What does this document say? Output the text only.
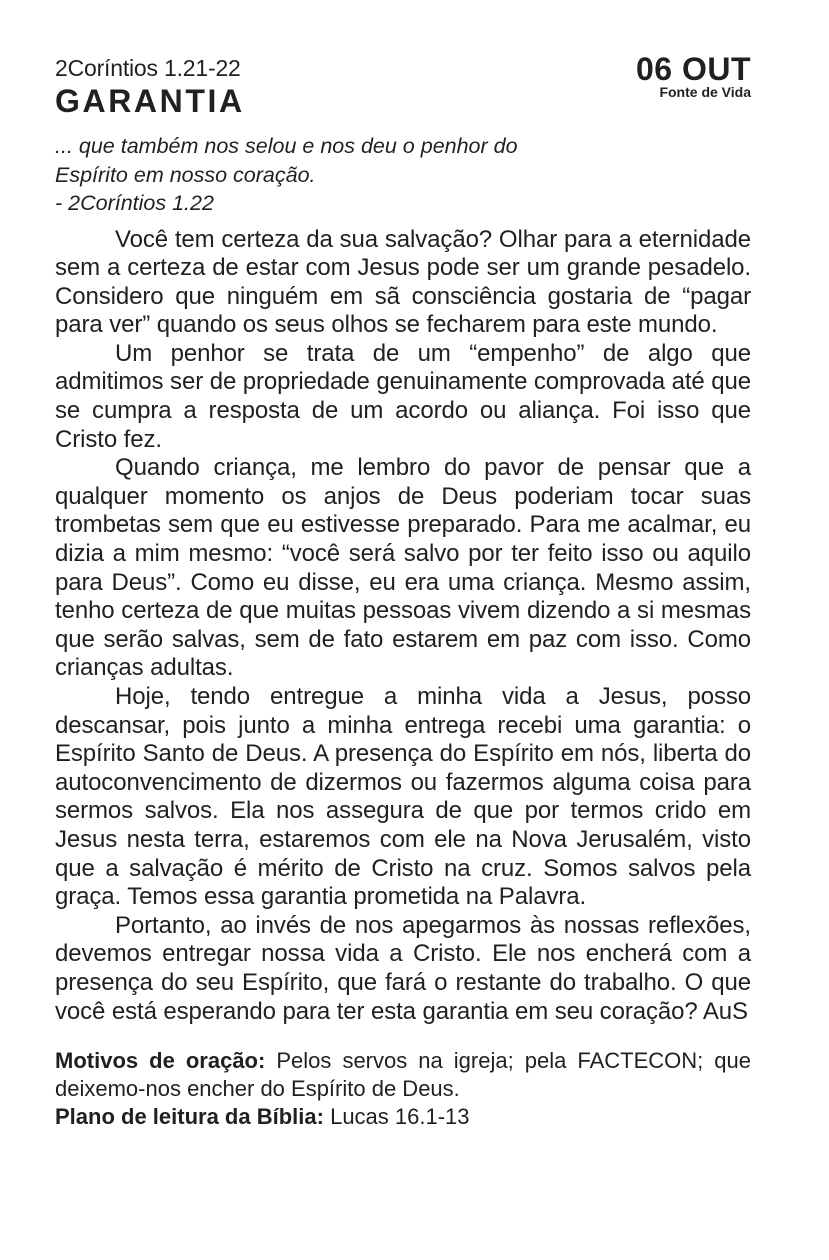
2Coríntios 1.21-22
GARANTIA
06 OUT
Fonte de Vida
... que também nos selou e nos deu o penhor do
Espírito em nosso coração.
- 2Coríntios 1.22

Você tem certeza da sua salvação? Olhar para a eternidade sem a certeza de estar com Jesus pode ser um grande pesadelo. Considero que ninguém em sã consciência gostaria de “pagar para ver” quando os seus olhos se fecharem para este mundo.

Um penhor se trata de um “empenho” de algo que admitimos ser de propriedade genuinamente comprovada até que se cumpra a resposta de um acordo ou aliança. Foi isso que Cristo fez.

Quando criança, me lembro do pavor de pensar que a qualquer momento os anjos de Deus poderiam tocar suas trombetas sem que eu estivesse preparado. Para me acalmar, eu dizia a mim mesmo: “você será salvo por ter feito isso ou aquilo para Deus”. Como eu disse, eu era uma criança. Mesmo assim, tenho certeza de que muitas pessoas vivem dizendo a si mesmas que serão salvas, sem de fato estarem em paz com isso. Como crianças adultas.

Hoje, tendo entregue a minha vida a Jesus, posso descansar, pois junto a minha entrega recebi uma garantia: o Espírito Santo de Deus. A presença do Espírito em nós, liberta do autoconvencimento de dizermos ou fazermos alguma coisa para sermos salvos. Ela nos assegura de que por termos crido em Jesus nesta terra, estaremos com ele na Nova Jerusalém, visto que a salvação é mérito de Cristo na cruz. Somos salvos pela graça. Temos essa garantia prometida na Palavra.

Portanto, ao invés de nos apegarmos às nossas reflexões, devemos entregar nossa vida a Cristo. Ele nos encherá com a presença do seu Espírito, que fará o restante do trabalho. O que você está esperando para ter esta garantia em seu coração? AuS

Motivos de oração: Pelos servos na igreja; pela FACTECON; que deixemo-nos encher do Espírito de Deus.

Plano de leitura da Bíblia: Lucas 16.1-13
